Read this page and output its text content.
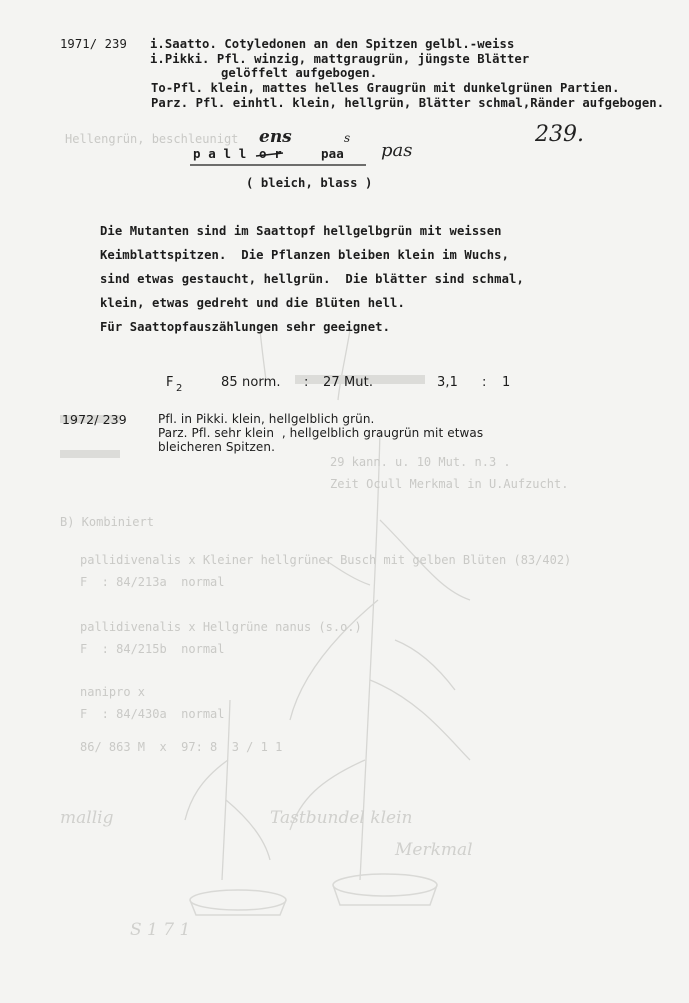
Hellengrün, beschleunigt
B) Kombiniert
pallidivenalis x Kleiner hellgrüner Busch mit gelben Blüten (83/402)
F  : 84/213a  normal
pallidivenalis x Hellgrüne nanus (s.o.)
F  : 84/215b  normal
nanipro x
F  : 84/430a  normal
86/ 863 M  x  97: 8  3 / 1 1
29 kann. u. 10 Mut. n.3 .
Zeit Ocull Merkmal in U.Aufzucht.
mallig	Tastbundel klein
Merkmal
S 1 7 1
1971/ 239 i.Saatto. Cotyledonen an den Spitzen gelbl.-weiss
i.Pikki. Pfl. winzig, mattgraugrün, jüngste Blätter
gelöffelt aufgebogen.
To-Pfl. klein, mattes helles Graugrün mit dunkelgrünen Partien.
Parz. Pfl. einhtl. klein, hellgrün, Blätter schmal,Ränder aufgebogen.
239.
p a l l o r
ens
paa
s
pas
( bleich, blass )
Die Mutanten sind im Saattopf hellgelbgrün mit weissen
Keimblattspitzen.  Die Pflanzen bleiben klein im Wuchs,
sind etwas gestaucht, hellgrün.  Die blätter sind schmal,
klein, etwas gedreht und die Blüten hell.
Für Saattopfauszählungen sehr geeignet.
F 2	85 norm. : 27 Mut.	3,1 : 1
1972/ 239	Pfl. in Pikki. klein, hellgelblich grün.
Parz. Pfl. sehr klein  , hellgelblich graugrün mit etwas
bleicheren Spitzen.
